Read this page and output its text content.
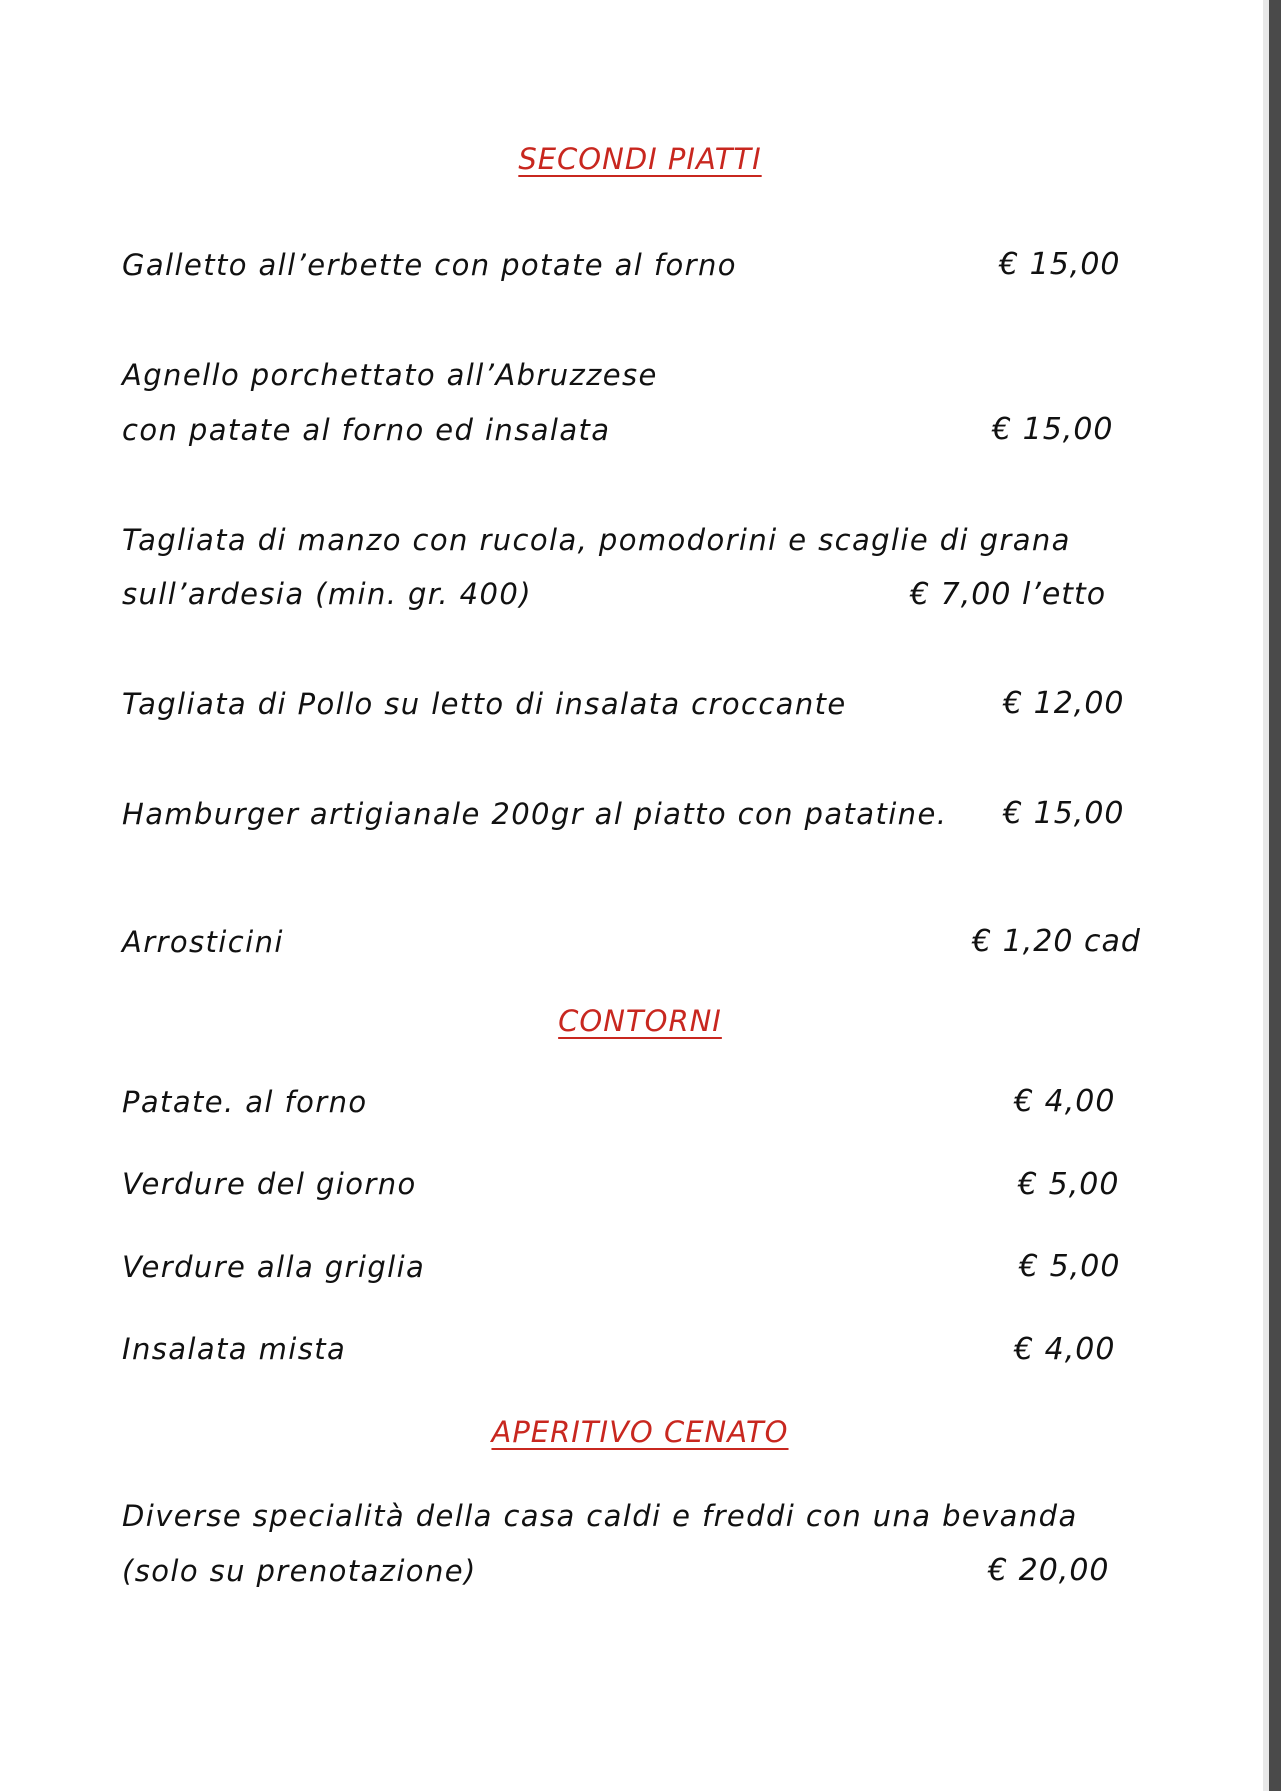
SECONDI PIATTI
Galletto all’erbette con potate al forno	€ 15,00
Agnello porchettato all’Abruzzese
con patate al forno ed insalata	€ 15,00
Tagliata di manzo con rucola, pomodorini e scaglie di grana
sull’ardesia (min. gr. 400)	€ 7,00 l’etto
Tagliata di Pollo su letto di insalata croccante	€ 12,00
Hamburger artigianale 200gr al piatto con patatine. € 15,00
Arrosticini	€ 1,20 cad
CONTORNI
Patate. al forno	€ 4,00
Verdure del giorno	€ 5,00
Verdure alla griglia	€ 5,00
Insalata mista	€ 4,00
APERITIVO CENATO
Diverse specialità della casa caldi e freddi con una bevanda
(solo su prenotazione)	€ 20,00
